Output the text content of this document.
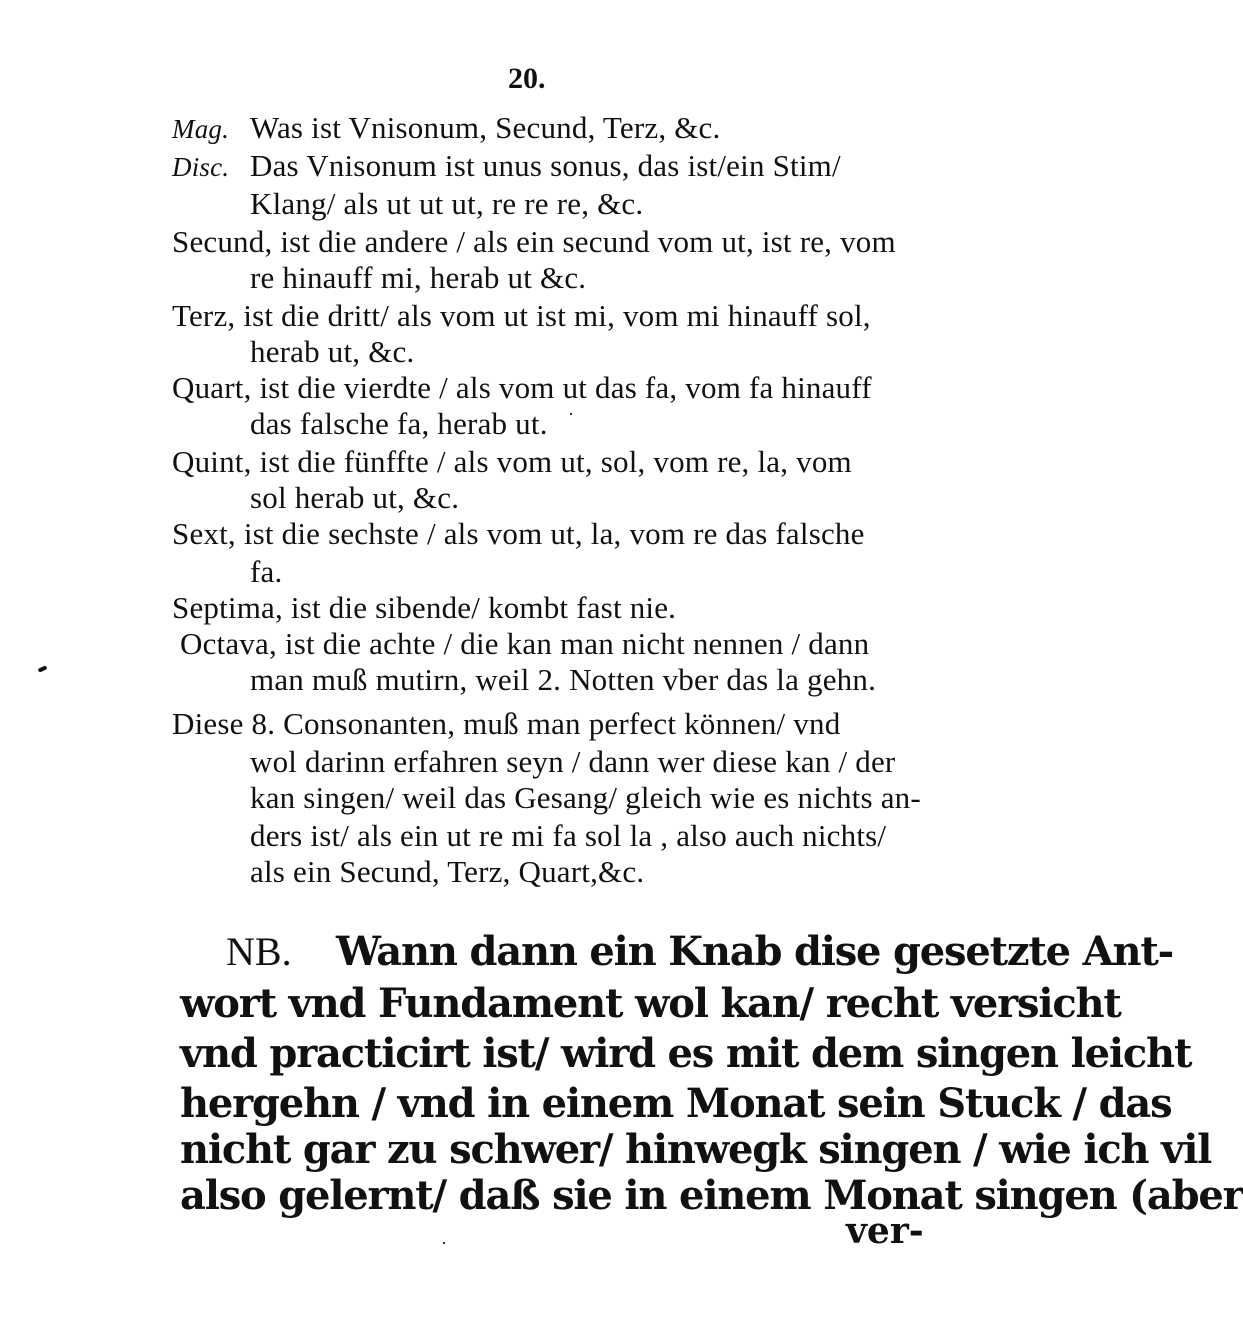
20.
Mag. Was ist Vnisonum, Secund, Terz, &c.
Disc. Das Vnisonum ist unus sonus, das ist/ein Stim/
Klang/ als ut ut ut, re re re, &c.
Secund, ist die andere / als ein secund vom ut, ist re, vom
re hinauff mi, herab ut &c.
Terz, ist die dritt/ als vom ut ist mi, vom mi hinauff sol,
herab ut, &c.
Quart, ist die vierdte / als vom ut das fa, vom fa hinauff
das falsche fa, herab ut.
Quint, ist die fünffte / als vom ut, sol, vom re, la, vom
sol herab ut, &c.
Sext, ist die sechste / als vom ut, la, vom re das falsche
fa.
Septima, ist die sibende/ kombt fast nie.
Octava, ist die achte / die kan man nicht nennen / dann
man muß mutirn, weil 2. Notten vber das la gehn.
Diese 8. Consonanten, muß man perfect können/ vnd
wol darinn erfahren seyn / dann wer diese kan / der
kan singen/ weil das Gesang/ gleich wie es nichts an-
ders ist/ als ein ut re mi fa sol la , also auch nichts/
als ein Secund, Terz, Quart,&c.
NB. Wann dann ein Knab dise gesetzte Ant-
wort vnd Fundament wol kan/ recht versicht
vnd practicirt ist/ wird es mit dem singen leicht
hergehn / vnd in einem Monat sein Stuck / das
nicht gar zu schwer/ hinwegk singen / wie ich vil
also gelernt/ daß sie in einem Monat singen (aber
ver-
